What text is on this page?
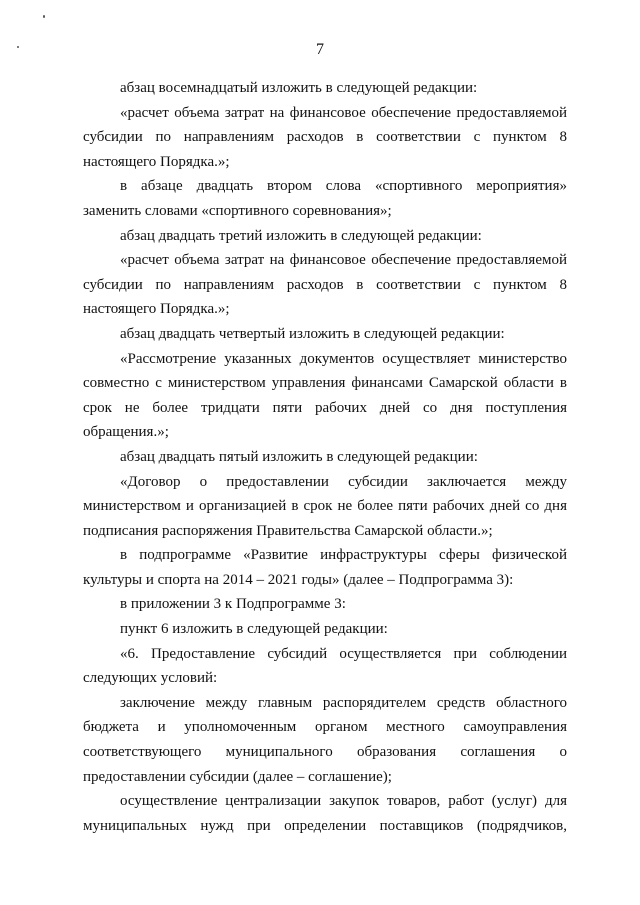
7

абзац восемнадцатый изложить в следующей редакции:

«расчет объема затрат на финансовое обеспечение предоставляемой субсидии по направлениям расходов в соответствии с пунктом 8 настоящего Порядка.»;

в абзаце двадцать втором слова «спортивного мероприятия» заменить словами «спортивного соревнования»;

абзац двадцать третий изложить в следующей редакции:

«расчет объема затрат на финансовое обеспечение предоставляемой субсидии по направлениям расходов в соответствии с пунктом 8 настоящего Порядка.»;

абзац двадцать четвертый изложить в следующей редакции:

«Рассмотрение указанных документов осуществляет министерство совместно с министерством управления финансами Самарской области в срок не более тридцати пяти рабочих дней со дня поступления обращения.»;

абзац двадцать пятый изложить в следующей редакции:

«Договор о предоставлении субсидии заключается между министерством и организацией в срок не более пяти рабочих дней со дня подписания распоряжения Правительства Самарской области.»;

в подпрограмме «Развитие инфраструктуры сферы физической культуры и спорта на 2014 – 2021 годы» (далее – Подпрограмма 3):

в приложении 3 к Подпрограмме 3:

пункт 6 изложить в следующей редакции:

«6. Предоставление субсидий осуществляется при соблюдении следующих условий:

заключение между главным распорядителем средств областного бюджета и уполномоченным органом местного самоуправления соответствующего муниципального образования соглашения о предоставлении субсидии (далее – соглашение);

осуществление централизации закупок товаров, работ (услуг) для муниципальных нужд при определении поставщиков (подрядчиков,
